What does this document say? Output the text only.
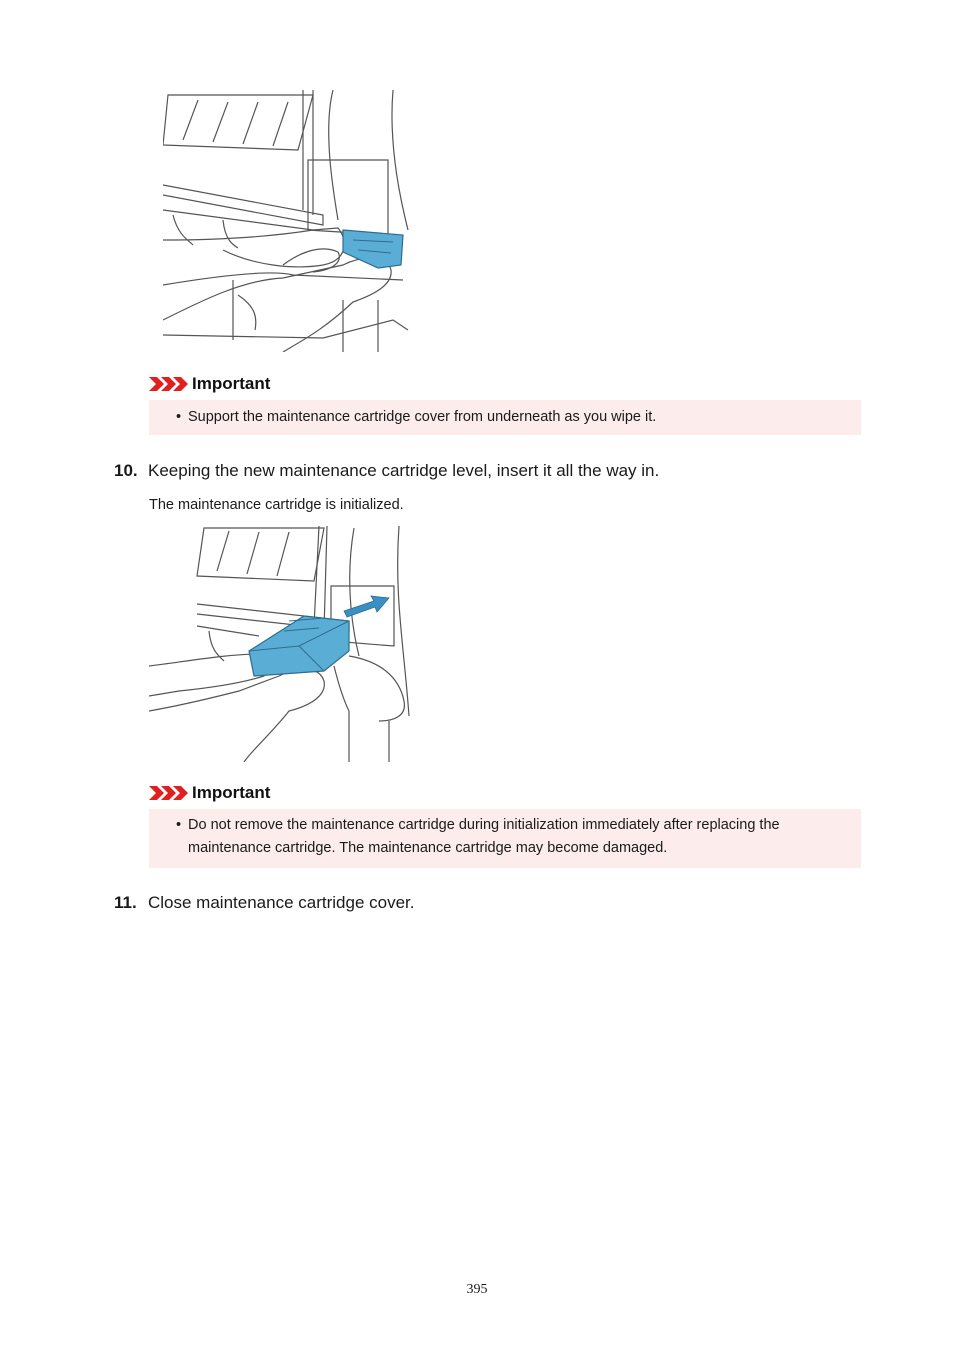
Important
• Support the maintenance cartridge cover from underneath as you wipe it.
10. Keeping the new maintenance cartridge level, insert it all the way in.
The maintenance cartridge is initialized.
Important
• Do not remove the maintenance cartridge during initialization immediately after replacing the maintenance cartridge. The maintenance cartridge may become damaged.
11. Close maintenance cartridge cover.
395
